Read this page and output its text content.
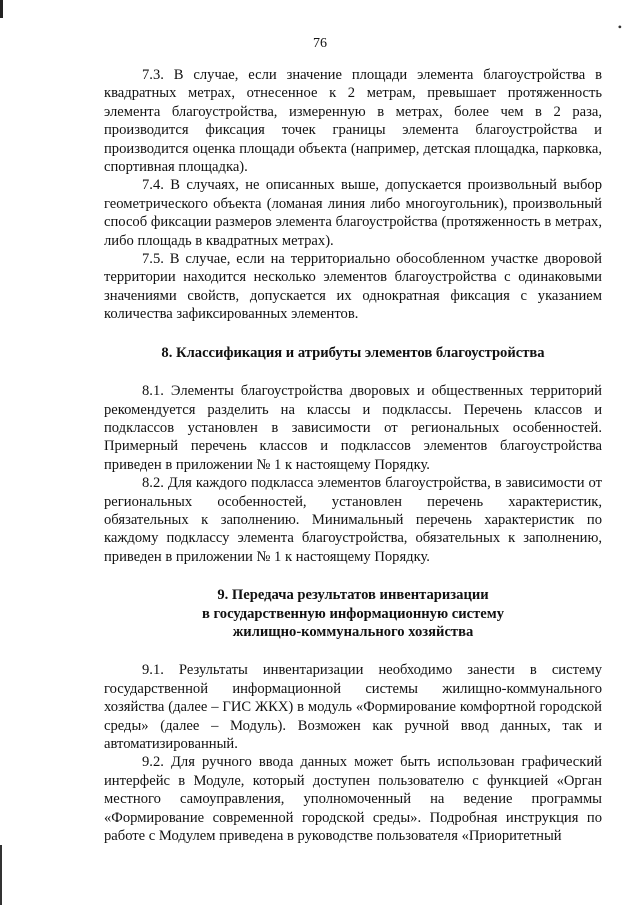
•
76

7.3. В случае, если значение площади элемента благоустройства в квадратных метрах, отнесенное к 2 метрам, превышает протяженность элемента благоустройства, измеренную в метрах, более чем в 2 раза, производится фиксация точек границы элемента благоустройства и производится оценка площади объекта (например, детская площадка, парковка, спортивная площадка).

7.4. В случаях, не описанных выше, допускается произвольный выбор геометрического объекта (ломаная линия либо многоугольник), произвольный способ фиксации размеров элемента благоустройства (протяженность в метрах, либо площадь в квадратных метрах).

7.5. В случае, если на территориально обособленном участке дворовой территории находится несколько элементов благоустройства с одинаковыми значениями свойств, допускается их однократная фиксация с указанием количества зафиксированных элементов.

8. Классификация и атрибуты элементов благоустройства

8.1. Элементы благоустройства дворовых и общественных территорий рекомендуется разделить на классы и подклассы. Перечень классов и подклассов установлен в зависимости от региональных особенностей. Примерный перечень классов и подклассов элементов благоустройства приведен в приложении № 1 к настоящему Порядку.

8.2. Для каждого подкласса элементов благоустройства, в зависимости от региональных особенностей, установлен перечень характеристик, обязательных к заполнению. Минимальный перечень характеристик по каждому подклассу элемента благоустройства, обязательных к заполнению, приведен в приложении № 1 к настоящему Порядку.

9. Передача результатов инвентаризации
в государственную информационную систему
жилищно-коммунального хозяйства

9.1. Результаты инвентаризации необходимо занести в систему государственной информационной системы жилищно-коммунального хозяйства (далее – ГИС ЖКХ) в модуль «Формирование комфортной городской среды» (далее – Модуль). Возможен как ручной ввод данных, так и автоматизированный.

9.2. Для ручного ввода данных может быть использован графический интерфейс в Модуле, который доступен пользователю с функцией «Орган местного самоуправления, уполномоченный на ведение программы «Формирование современной городской среды». Подробная инструкция по работе с Модулем приведена в руководстве пользователя «Приоритетный
